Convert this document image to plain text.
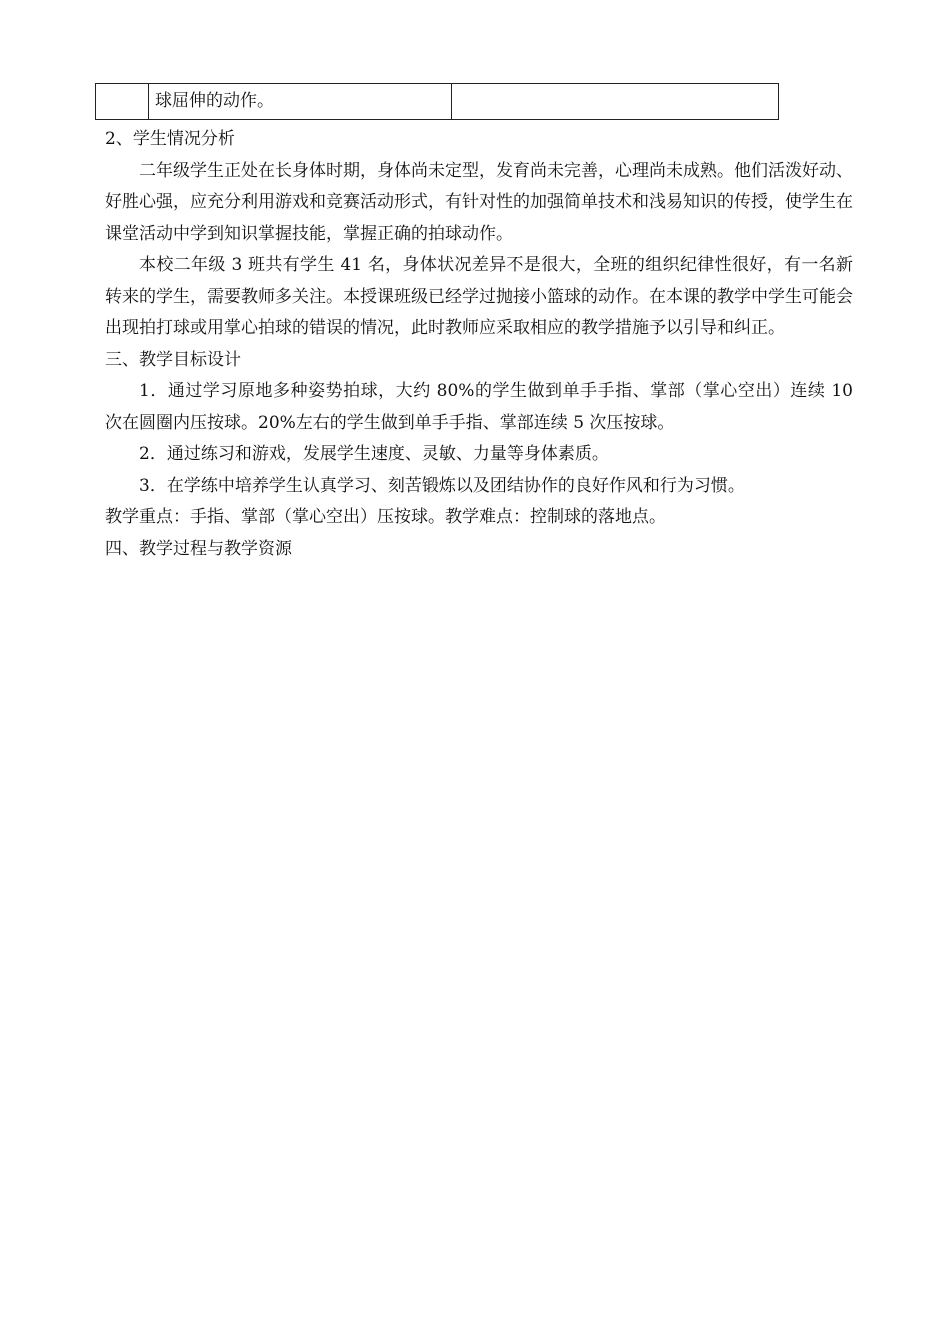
	球屈伸的动作。	

2、学生情况分析

二年级学生正处在长身体时期，身体尚未定型，发育尚未完善，心理尚未成熟。他们活泼好动、好胜心强，应充分利用游戏和竞赛活动形式，有针对性的加强简单技术和浅易知识的传授，使学生在课堂活动中学到知识掌握技能，掌握正确的拍球动作。

本校二年级 3 班共有学生 41 名，身体状况差异不是很大，全班的组织纪律性很好，有一名新转来的学生，需要教师多关注。本授课班级已经学过抛接小篮球的动作。在本课的教学中学生可能会出现拍打球或用掌心拍球的错误的情况，此时教师应采取相应的教学措施予以引导和纠正。

三、教学目标设计

1．通过学习原地多种姿势拍球，大约 80%的学生做到单手手指、掌部（掌心空出）连续 10 次在圆圈内压按球。20%左右的学生做到单手手指、掌部连续 5 次压按球。

2．通过练习和游戏，发展学生速度、灵敏、力量等身体素质。

3．在学练中培养学生认真学习、刻苦锻炼以及团结协作的良好作风和行为习惯。

教学重点：手指、掌部（掌心空出）压按球。教学难点：控制球的落地点。

四、教学过程与教学资源
